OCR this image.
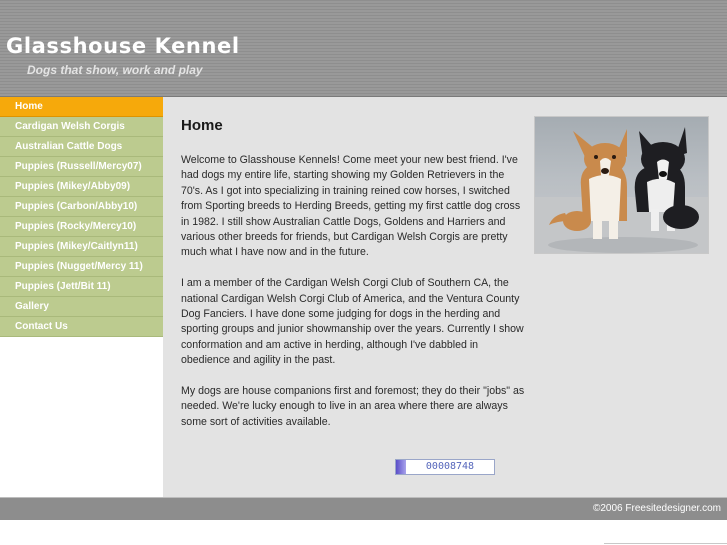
Glasshouse Kennel
Dogs that show, work and play
Home
Cardigan Welsh Corgis
Australian Cattle Dogs
Puppies (Russell/Mercy07)
Puppies (Mikey/Abby09)
Puppies (Carbon/Abby10)
Puppies (Rocky/Mercy10)
Puppies (Mikey/Caitlyn11)
Puppies (Nugget/Mercy 11)
Puppies (Jett/Bit 11)
Gallery
Contact Us
Home

Welcome to Glasshouse Kennels! Come meet your new best friend. I've had dogs my entire life, starting showing my Golden Retrievers in the 70's. As I got into specializing in training reined cow horses, I switched from Sporting breeds to Herding Breeds, getting my first cattle dog cross in 1982. I still show Australian Cattle Dogs, Goldens and Harriers and various other breeds for friends, but Cardigan Welsh Corgis are pretty much what I have now and in the future.

I am a member of the Cardigan Welsh Corgi Club of Southern CA, the national Cardigan Welsh Corgi Club of America, and the Ventura County Dog Fanciers. I have done some judging for dogs in the herding and sporting groups and junior showmanship over the years. Currently I show conformation and am active in herding, although I've dabbled in obedience and agility in the past.

My dogs are house companions first and foremost; they do their "jobs" as needed. We're lucky enough to live in an area where there are always some sort of activities available.

00008748
©2006 Freesitedesigner.com
